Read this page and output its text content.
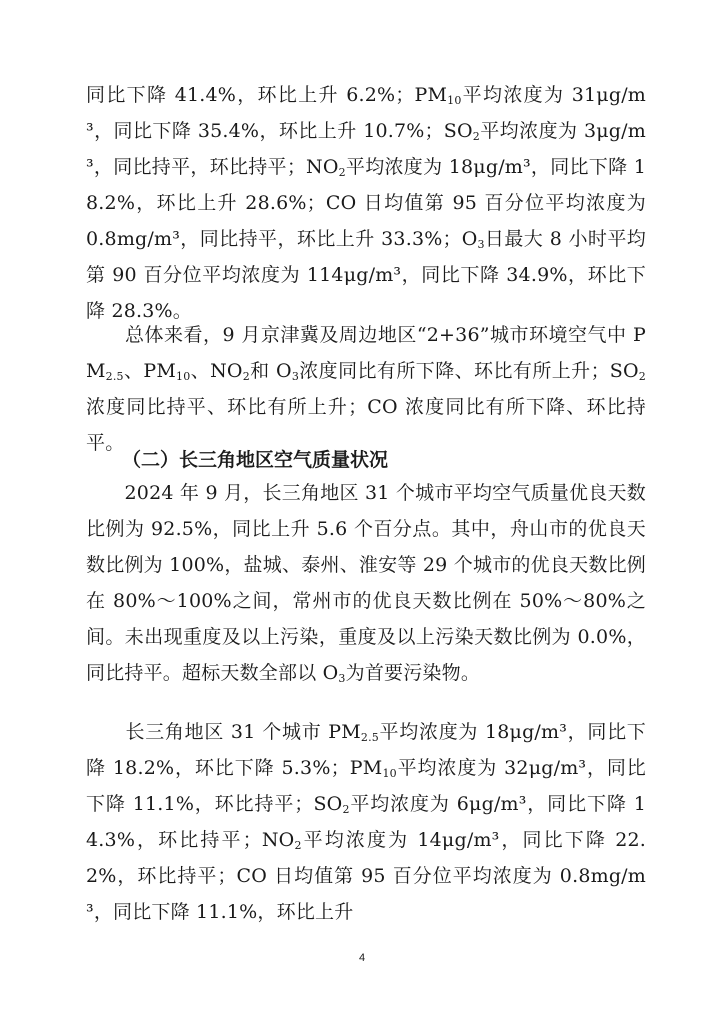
同比下降 41.4%，环比上升 6.2%；$PM_{10}$平均浓度为 31μg/m³，同比下降 35.4%，环比上升 10.7%；$SO_2$平均浓度为 3μg/m³，同比持平，环比持平；$NO_2$平均浓度为 18μg/m³，同比下降 18.2%，环比上升 28.6%；CO 日均值第 95 百分位平均浓度为 0.8mg/m³，同比持平，环比上升 33.3%；$O_3$日最大 8 小时平均第 90 百分位平均浓度为 114μg/m³，同比下降 34.9%，环比下降 28.3%。
　　总体来看，9 月京津冀及周边地区“2+36”城市环境空气中 $PM_{2.5}$、$PM_{10}$、$NO_2$和 $O_3$浓度同比有所下降、环比有所上升；$SO_2$浓度同比持平、环比有所上升；CO 浓度同比有所下降、环比持平。
（二）长三角地区空气质量状况
　　2024 年 9 月，长三角地区 31 个城市平均空气质量优良天数比例为 92.5%，同比上升 5.6 个百分点。其中，舟山市的优良天数比例为 100%，盐城、泰州、淮安等 29 个城市的优良天数比例在 80%～100%之间，常州市的优良天数比例在 50%～80%之间。未出现重度及以上污染，重度及以上污染天数比例为 0.0%，同比持平。超标天数全部以 $O_3$为首要污染物。
　　长三角地区 31 个城市 $PM_{2.5}$平均浓度为 18μg/m³，同比下降 18.2%，环比下降 5.3%；$PM_{10}$平均浓度为 32μg/m³，同比下降 11.1%，环比持平；$SO_2$平均浓度为 6μg/m³，同比下降 14.3%，环比持平；$NO_2$平均浓度为 14μg/m³，同比下降 22.2%，环比持平；CO 日均值第 95 百分位平均浓度为 0.8mg/m³，同比下降 11.1%，环比上升
4
